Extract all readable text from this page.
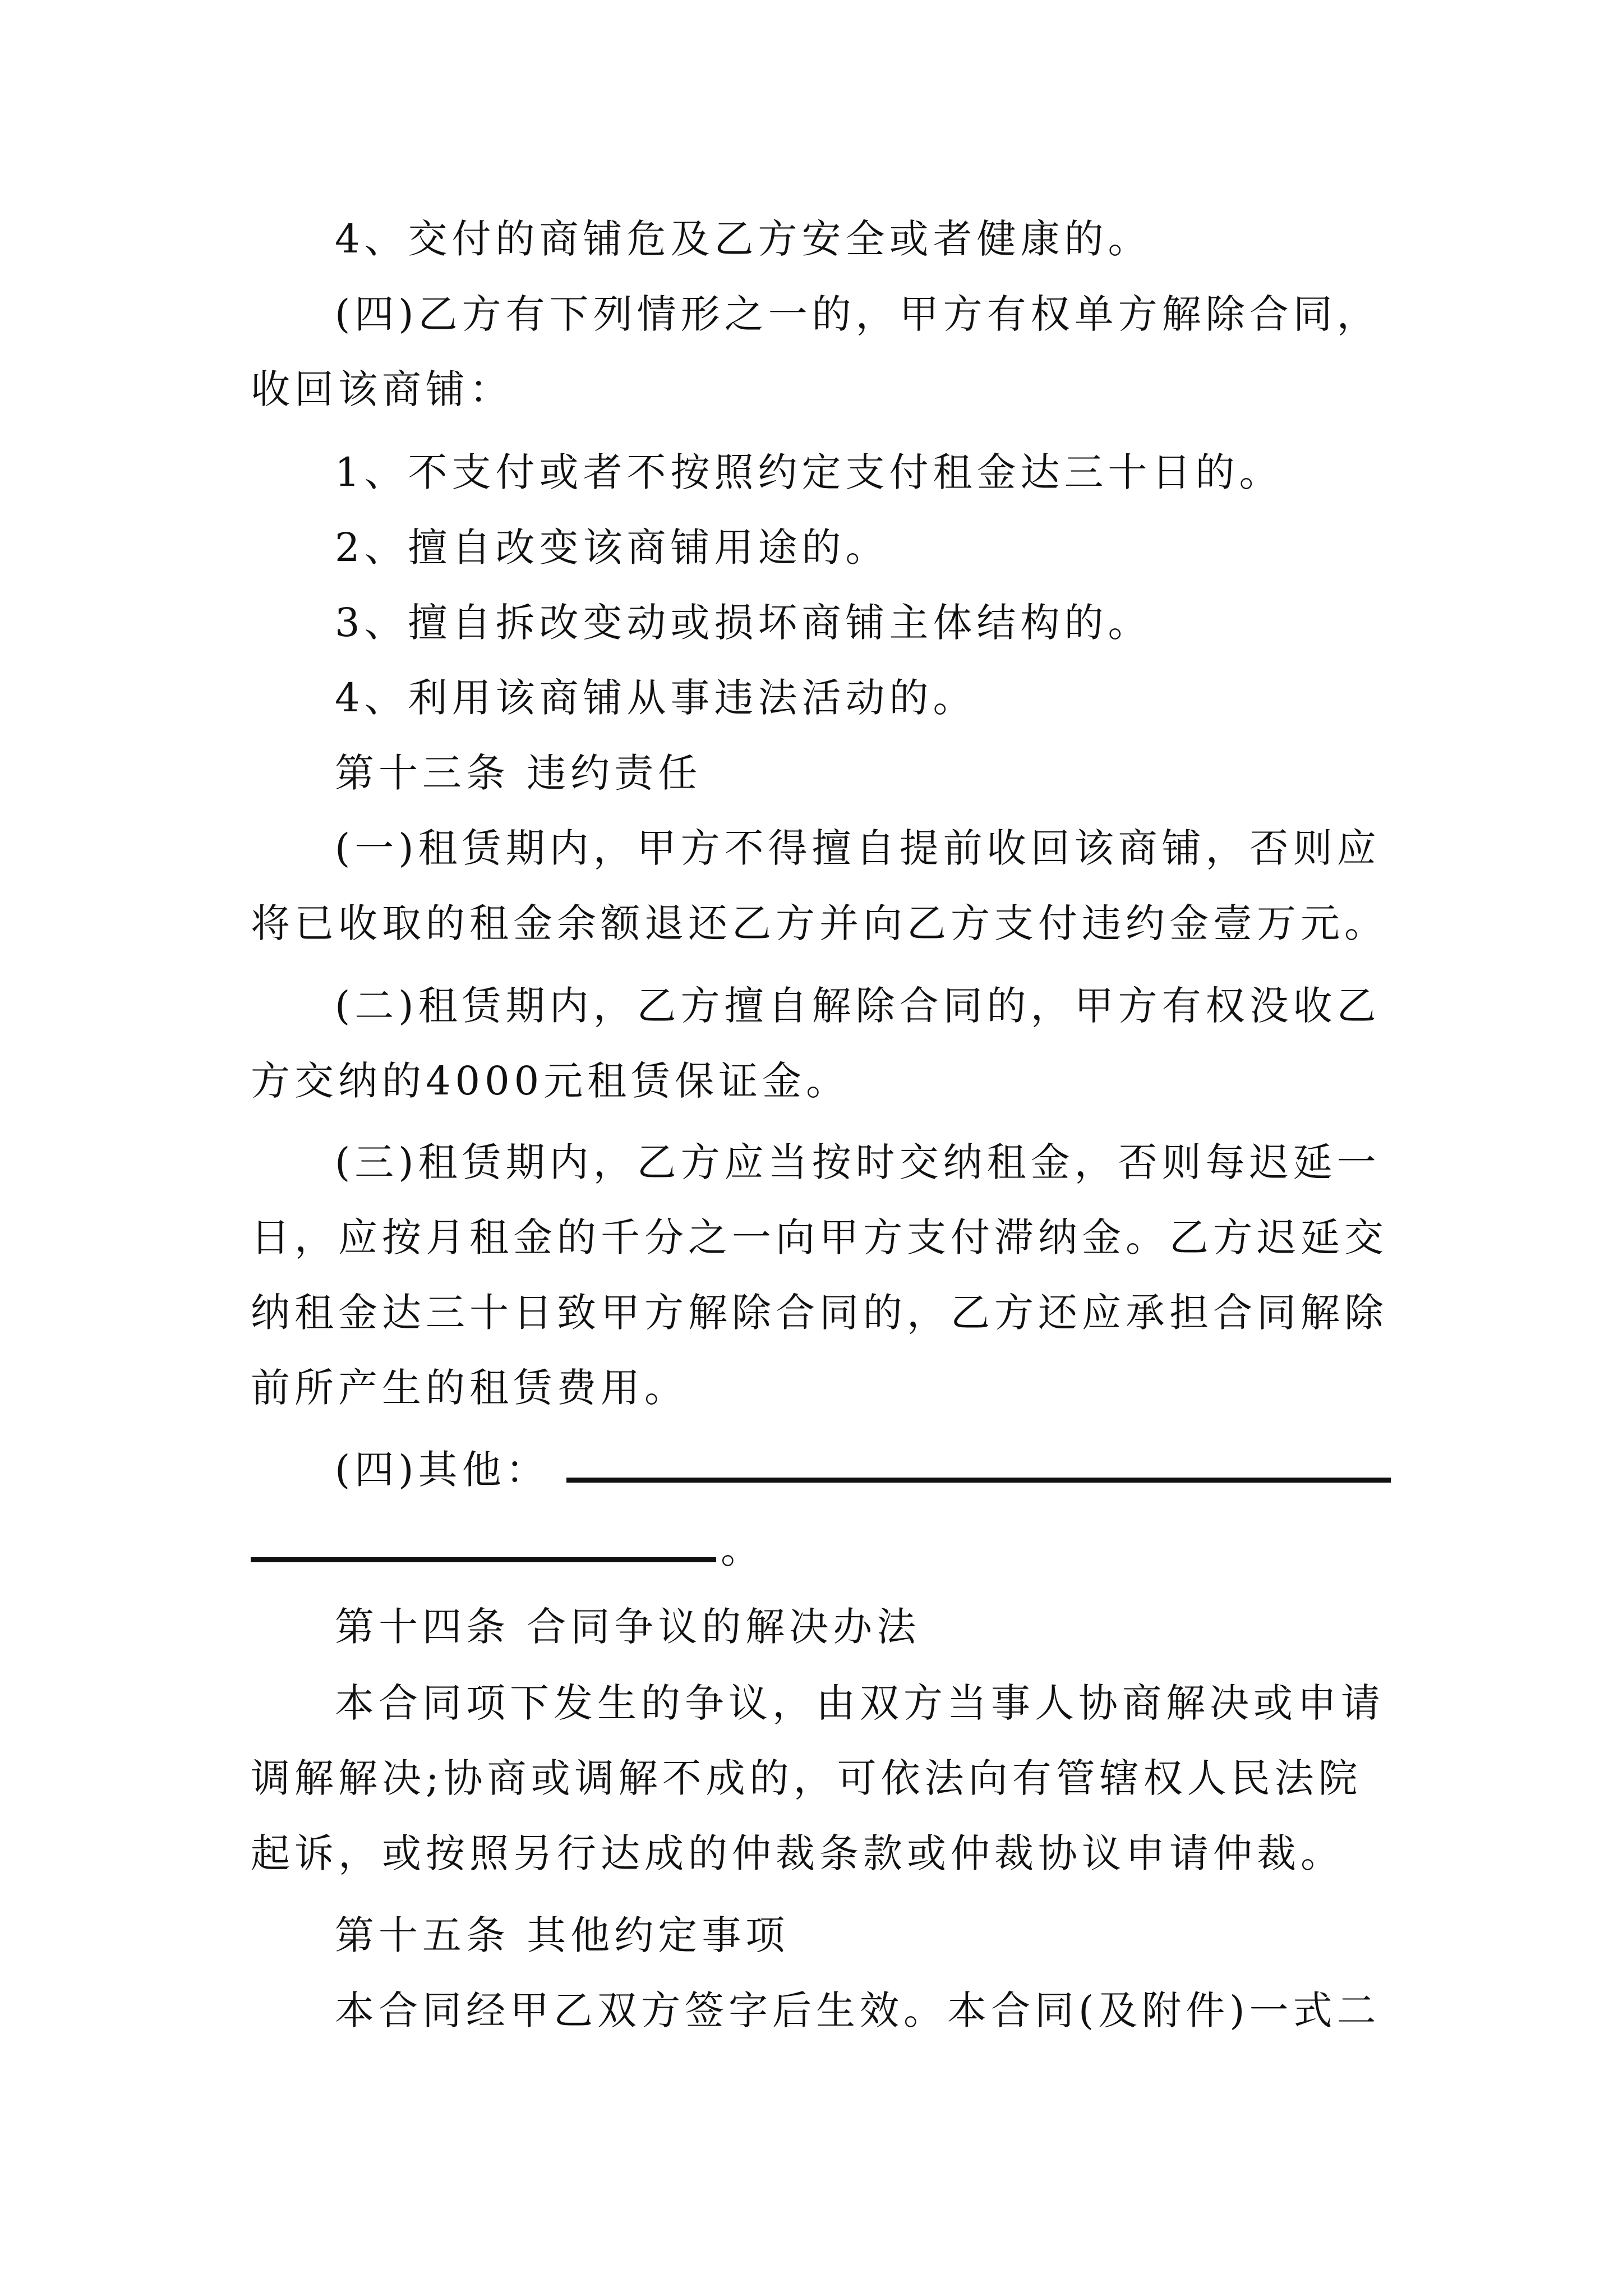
4、交付的商铺危及乙方安全或者健康的。
(四)乙方有下列情形之一的，甲方有权单方解除合同，
收回该商铺：
1、不支付或者不按照约定支付租金达三十日的。
2、擅自改变该商铺用途的。
3、擅自拆改变动或损坏商铺主体结构的。
4、利用该商铺从事违法活动的。
第十三条 违约责任
(一)租赁期内，甲方不得擅自提前收回该商铺，否则应
将已收取的租金余额退还乙方并向乙方支付违约金壹万元。
(二)租赁期内，乙方擅自解除合同的，甲方有权没收乙
方交纳的4000元租赁保证金。
(三)租赁期内，乙方应当按时交纳租金，否则每迟延一
日，应按月租金的千分之一向甲方支付滞纳金。乙方迟延交
纳租金达三十日致甲方解除合同的，乙方还应承担合同解除
前所产生的租赁费用。
(四)其他：
。
第十四条 合同争议的解决办法
本合同项下发生的争议，由双方当事人协商解决或申请
调解解决;协商或调解不成的，可依法向有管辖权人民法院
起诉，或按照另行达成的仲裁条款或仲裁协议申请仲裁。
第十五条 其他约定事项
本合同经甲乙双方签字后生效。本合同(及附件)一式二
